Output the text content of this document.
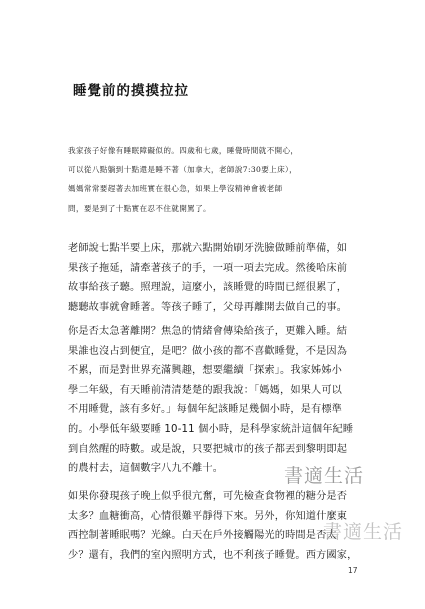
睡覺前的摸摸拉拉
我家孩子好像有睡眠障礙似的。四歲和七歲，睡覺時間就不開心，
可以從八點躺到十點還是睡不著（加拿大，老師說7:30要上床），
媽媽常常要趕著去加班實在很心急，如果上學沒精神會被老師
問，要是到了十點實在忍不住就開罵了。
老師說七點半要上床，那就六點開始刷牙洗臉做睡前準備，如
果孩子拖延，請牽著孩子的手，一項一項去完成。然後哈床前
故事給孩子聽。照理說，這麼小，該睡覺的時間已經很累了，
聽聽故事就會睡著。等孩子睡了，父母再離開去做自己的事。
你是否太急著離開？焦急的情緒會傳染給孩子，更難入睡。結
果誰也沒占到便宜，是吧？做小孩的都不喜歡睡覺，不是因為
不累，而是對世界充滿興趣，想要繼續「探索」。我家姊姊小
學二年級，有天睡前清清楚楚的跟我說：「媽媽，如果人可以
不用睡覺，該有多好。」每個年紀該睡足幾個小時，是有標準
的。小學低年級要睡 10-11 個小時，是科學家統計這個年紀睡
到自然醒的時數。或是說，只要把城市的孩子都丟到黎明即起
的農村去，這個數字八九不離十。
如果你發現孩子晚上似乎很亢奮，可先檢查食物裡的糖分是否
太多？血糖衝高，心情很難平靜得下來。另外，你知道什麼東
西控制著睡眠嗎？光線。白天在戶外接觸陽光的時間是否太
少？還有，我們的室內照明方式，也不利孩子睡覺。西方國家，
書適生活
書適生活
17
